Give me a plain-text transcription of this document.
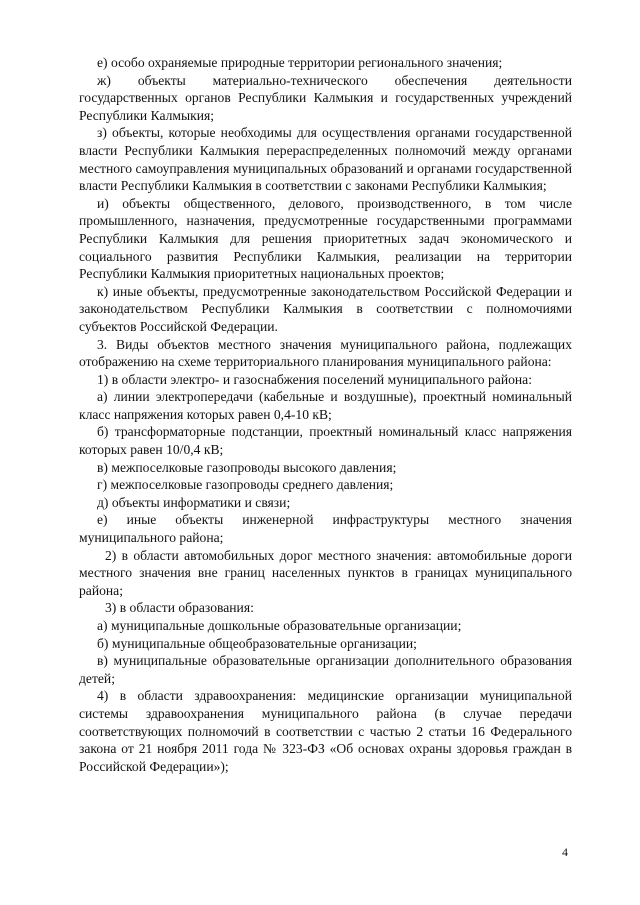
е) особо охраняемые природные территории регионального значения;

ж) объекты материально-технического обеспечения деятельности государственных органов Республики Калмыкия и государственных учреждений Республики Калмыкия;

з) объекты, которые необходимы для осуществления органами государственной власти Республики Калмыкия перераспределенных полномочий между органами местного самоуправления муниципальных образований и органами государственной власти Республики Калмыкия в соответствии с законами Республики Калмыкия;

и) объекты общественного, делового, производственного, в том числе промышленного, назначения, предусмотренные государственными программами Республики Калмыкия для решения приоритетных задач экономического и социального развития Республики Калмыкия, реализации на территории Республики Калмыкия приоритетных национальных проектов;

к) иные объекты, предусмотренные законодательством Российской Федерации и законодательством Республики Калмыкия в соответствии с полномочиями субъектов Российской Федерации.

3. Виды объектов местного значения муниципального района, подлежащих отображению на схеме территориального планирования муниципального района:

1) в области электро- и газоснабжения поселений муниципального района:

а) линии электропередачи (кабельные и воздушные), проектный номинальный класс напряжения которых равен 0,4-10 кВ;

б) трансформаторные подстанции, проектный номинальный класс напряжения которых равен 10/0,4 кВ;

в) межпоселковые газопроводы высокого давления;

г) межпоселковые газопроводы среднего давления;

д) объекты информатики и связи;

е) иные объекты инженерной инфраструктуры местного значения муниципального района;

2) в области автомобильных дорог местного значения: автомобильные дороги местного значения вне границ населенных пунктов в границах муниципального района;

3) в области образования:

а) муниципальные дошкольные образовательные организации;

б) муниципальные общеобразовательные организации;

в) муниципальные образовательные организации дополнительного образования детей;

4) в области здравоохранения: медицинские организации муниципальной системы здравоохранения муниципального района (в случае передачи соответствующих полномочий в соответствии с частью 2 статьи 16 Федерального закона от 21 ноября 2011 года № 323-ФЗ «Об основах охраны здоровья граждан в Российской Федерации»);

4
